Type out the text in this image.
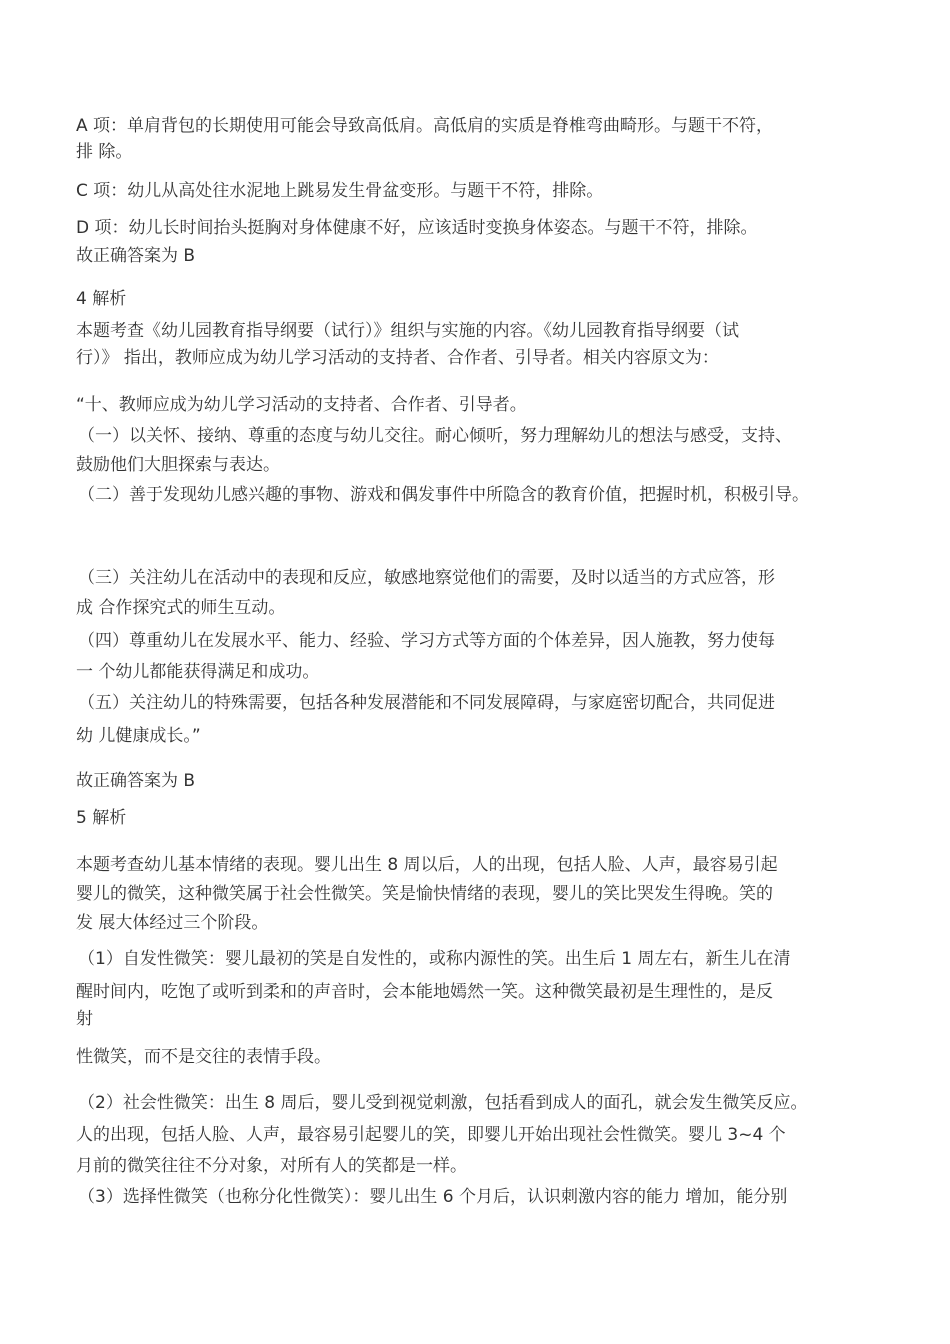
A 项：单肩背包的长期使用可能会导致高低肩。高低肩的实质是脊椎弯曲畸形。与题干不符，
排 除。
C 项：幼儿从高处往水泥地上跳易发生骨盆变形。与题干不符，排除。
D 项：幼儿长时间抬头挺胸对身体健康不好，应该适时变换身体姿态。与题干不符，排除。
故正确答案为 B
4 解析
本题考查《幼儿园教育指导纲要（试行）》组织与实施的内容。《幼儿园教育指导纲要（试
行）》 指出，教师应成为幼儿学习活动的支持者、合作者、引导者。相关内容原文为：
“十、教师应成为幼儿学习活动的支持者、合作者、引导者。
（一）以关怀、接纳、尊重的态度与幼儿交往。耐心倾听，努力理解幼儿的想法与感受，支持、
鼓励他们大胆探索与表达。
（二）善于发现幼儿感兴趣的事物、游戏和偶发事件中所隐含的教育价值，把握时机，积极引导。
（三）关注幼儿在活动中的表现和反应，敏感地察觉他们的需要，及时以适当的方式应答，形
成 合作探究式的师生互动。
（四）尊重幼儿在发展水平、能力、经验、学习方式等方面的个体差异，因人施教，努力使每
一 个幼儿都能获得满足和成功。
（五）关注幼儿的特殊需要，包括各种发展潜能和不同发展障碍，与家庭密切配合，共同促进
幼 儿健康成长。”
故正确答案为 B
5 解析
本题考查幼儿基本情绪的表现。婴儿出生 8 周以后，人的出现，包括人脸、人声，最容易引起
婴儿的微笑，这种微笑属于社会性微笑。笑是愉快情绪的表现，婴儿的笑比哭发生得晚。笑的
发 展大体经过三个阶段。
（1）自发性微笑：婴儿最初的笑是自发性的，或称内源性的笑。出生后 1 周左右，新生儿在清
醒时间内，吃饱了或听到柔和的声音时，会本能地嫣然一笑。这种微笑最初是生理性的，是反
射
性微笑，而不是交往的表情手段。
（2）社会性微笑：出生 8 周后，婴儿受到视觉刺激，包括看到成人的面孔，就会发生微笑反应。
人的出现，包括人脸、人声，最容易引起婴儿的笑，即婴儿开始出现社会性微笑。婴儿 3~4 个
月前的微笑往往不分对象，对所有人的笑都是一样。
（3）选择性微笑（也称分化性微笑）：婴儿出生 6 个月后，认识刺激内容的能力 增加，能分别
